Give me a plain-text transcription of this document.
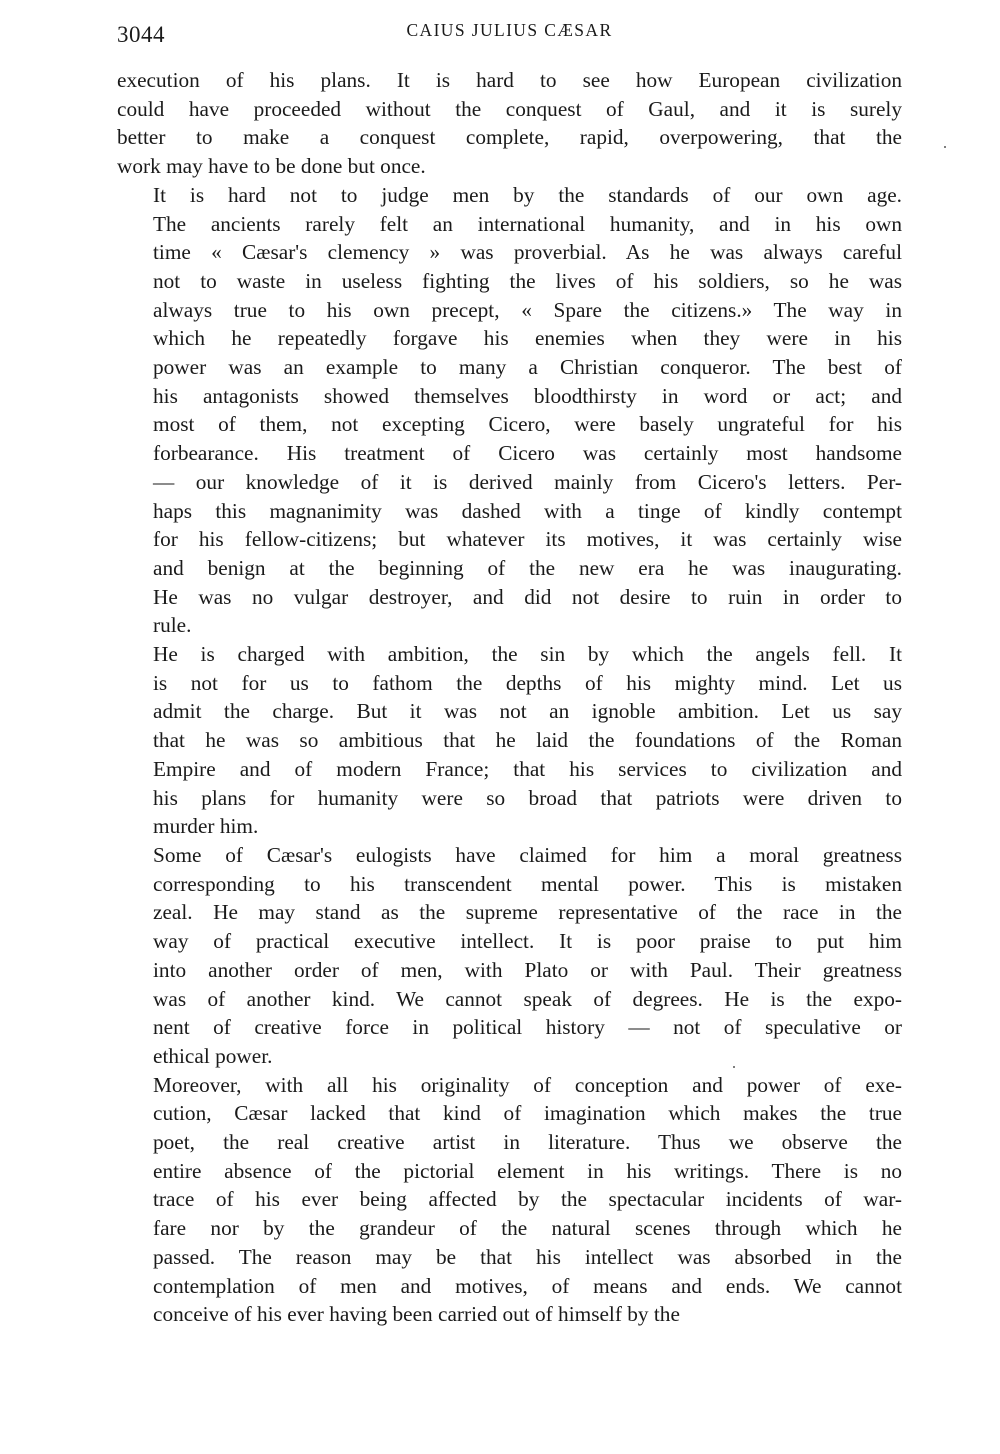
3044	CAIUS JULIUS CÆSAR

execution of his plans. It is hard to see how European civilization
could have proceeded without the conquest of Gaul, and it is surely
better to make a conquest complete, rapid, overpowering, that the
work may have to be done but once.

It is hard not to judge men by the standards of our own age.
The ancients rarely felt an international humanity, and in his own
time « Cæsar's clemency » was proverbial. As he was always careful
not to waste in useless fighting the lives of his soldiers, so he was
always true to his own precept, « Spare the citizens.» The way in
which he repeatedly forgave his enemies when they were in his
power was an example to many a Christian conqueror. The best of
his antagonists showed themselves bloodthirsty in word or act; and
most of them, not excepting Cicero, were basely ungrateful for his
forbearance. His treatment of Cicero was certainly most handsome
— our knowledge of it is derived mainly from Cicero's letters. Per-
haps this magnanimity was dashed with a tinge of kindly contempt
for his fellow-citizens; but whatever its motives, it was certainly wise
and benign at the beginning of the new era he was inaugurating.
He was no vulgar destroyer, and did not desire to ruin in order to
rule.

He is charged with ambition, the sin by which the angels fell. It
is not for us to fathom the depths of his mighty mind. Let us
admit the charge. But it was not an ignoble ambition. Let us say
that he was so ambitious that he laid the foundations of the Roman
Empire and of modern France; that his services to civilization and
his plans for humanity were so broad that patriots were driven to
murder him.

Some of Cæsar's eulogists have claimed for him a moral greatness
corresponding to his transcendent mental power. This is mistaken
zeal. He may stand as the supreme representative of the race in the
way of practical executive intellect. It is poor praise to put him
into another order of men, with Plato or with Paul. Their greatness
was of another kind. We cannot speak of degrees. He is the expo-
nent of creative force in political history — not of speculative or
ethical power.

Moreover, with all his originality of conception and power of exe-
cution, Cæsar lacked that kind of imagination which makes the true
poet, the real creative artist in literature. Thus we observe the
entire absence of the pictorial element in his writings. There is no
trace of his ever being affected by the spectacular incidents of war-
fare nor by the grandeur of the natural scenes through which he
passed. The reason may be that his intellect was absorbed in the
contemplation of men and motives, of means and ends. We cannot
conceive of his ever having been carried out of himself by the
